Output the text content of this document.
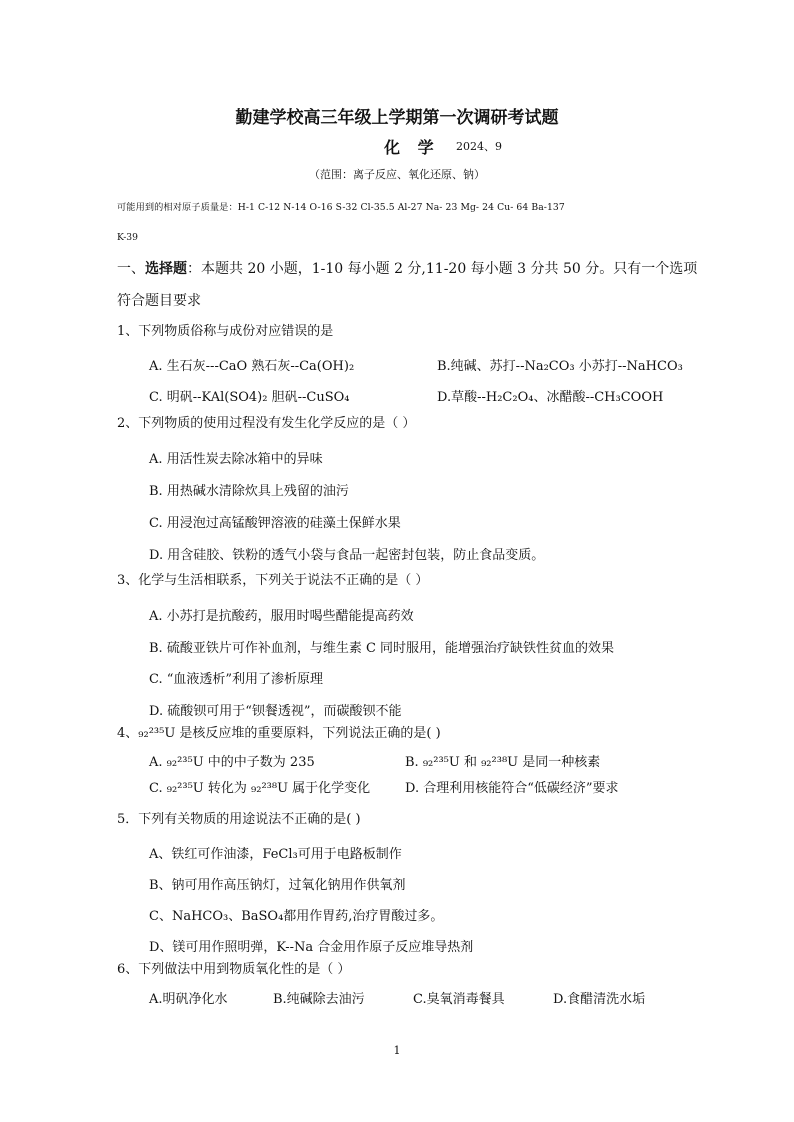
勤建学校高三年级上学期第一次调研考试题
化 学 2024、9
（范围：离子反应、氧化还原、钠）
可能用到的相对原子质量是：H-1 C-12 N-14 O-16 S-32 Cl-35.5 Al-27 Na- 23 Mg- 24 Cu- 64 Ba-137
K-39
一、选择题：本题共 20 小题，1-10 每小题 2 分,11-20 每小题 3 分共 50 分。只有一个选项
符合题目要求
1、下列物质俗称与成份对应错误的是
A. 生石灰---CaO 熟石灰--Ca(OH)₂	B.纯碱、苏打--Na₂CO₃ 小苏打--NaHCO₃
C. 明矾--KAl(SO4)₂ 胆矾--CuSO₄	D.草酸--H₂C₂O₄、冰醋酸--CH₃COOH
2、下列物质的使用过程没有发生化学反应的是（ ）
A. 用活性炭去除冰箱中的异味
B. 用热碱水清除炊具上残留的油污
C. 用浸泡过高锰酸钾溶液的硅藻土保鲜水果
D. 用含硅胶、铁粉的透气小袋与食品一起密封包装，防止食品变质。
3、化学与生活相联系，下列关于说法不正确的是（ ）
A. 小苏打是抗酸药，服用时喝些醋能提高药效
B. 硫酸亚铁片可作补血剂，与维生素 C 同时服用，能增强治疗缺铁性贫血的效果
C. “血液透析”利用了渗析原理
D. 硫酸钡可用于“钡餐透视”，而碳酸钡不能
4、₉₂²³⁵U 是核反应堆的重要原料，下列说法正确的是( )
A. ₉₂²³⁵U 中的中子数为 235	B. ₉₂²³⁵U 和 ₉₂²³⁸U 是同一种核素
C. ₉₂²³⁵U 转化为 ₉₂²³⁸U 属于化学变化	D. 合理利用核能符合“低碳经济”要求
5．下列有关物质的用途说法不正确的是( )
A、铁红可作油漆，FeCl₃可用于电路板制作
B、钠可用作高压钠灯，过氧化钠用作供氧剂
C、NaHCO₃、BaSO₄都用作胃药,治疗胃酸过多。
D、镁可用作照明弹，K--Na 合金用作原子反应堆导热剂
6、下列做法中用到物质氧化性的是（ ）
A.明矾净化水	B.纯碱除去油污	C.臭氧消毒餐具	D.食醋清洗水垢
1
